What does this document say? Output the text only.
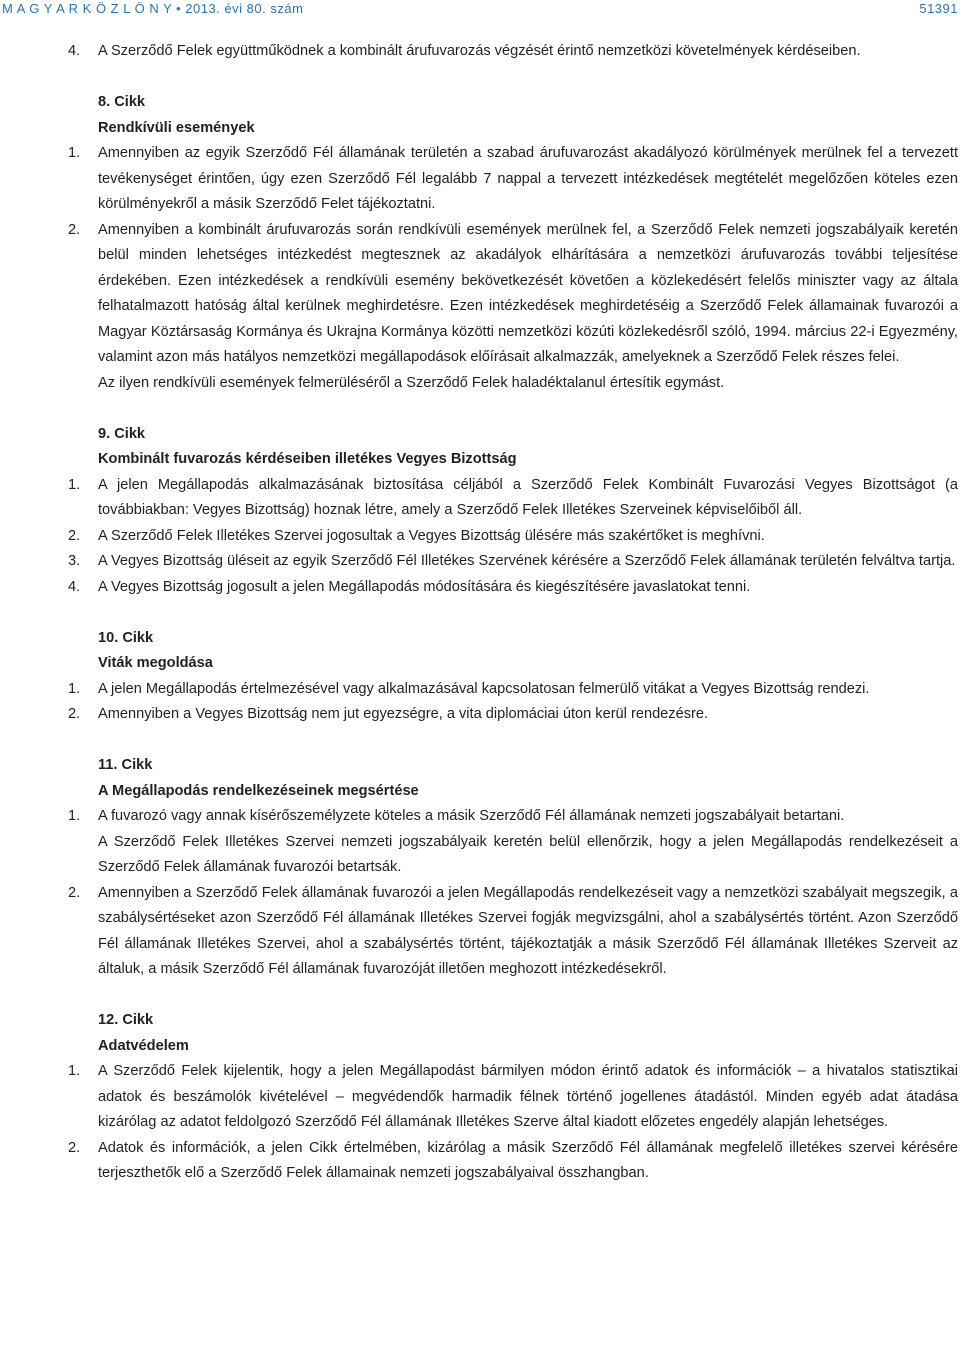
M A G Y A R K Ö Z L Ö N Y • 2013. évi 80. szám	51391
4.	A Szerződő Felek együttműködnek a kombinált árufuvarozás végzését érintő nemzetközi követelmények kérdéseiben.
8. Cikk
Rendkívüli események
1.	Amennyiben az egyik Szerződő Fél államának területén a szabad árufuvarozást akadályozó körülmények merülnek fel a tervezett tevékenységet érintően, úgy ezen Szerződő Fél legalább 7 nappal a tervezett intézkedések megtételét megelőzően köteles ezen körülményekről a másik Szerződő Felet tájékoztatni.
2.	Amennyiben a kombinált árufuvarozás során rendkívüli események merülnek fel, a Szerződő Felek nemzeti jogszabályaik keretén belül minden lehetséges intézkedést megtesznek az akadályok elhárítására a nemzetközi árufuvarozás további teljesítése érdekében. Ezen intézkedések a rendkívüli esemény bekövetkezését követően a közlekedésért felelős miniszter vagy az általa felhatalmazott hatóság által kerülnek meghirdetésre. Ezen intézkedések meghirdetéséig a Szerződő Felek államainak fuvarozói a Magyar Köztársaság Kormánya és Ukrajna Kormánya közötti nemzetközi közúti közlekedésről szóló, 1994. március 22-i Egyezmény, valamint azon más hatályos nemzetközi megállapodások előírásait alkalmazzák, amelyeknek a Szerződő Felek részes felei.
Az ilyen rendkívüli események felmerüléséről a Szerződő Felek haladéktalanul értesítik egymást.
9. Cikk
Kombinált fuvarozás kérdéseiben illetékes Vegyes Bizottság
1.	A jelen Megállapodás alkalmazásának biztosítása céljából a Szerződő Felek Kombinált Fuvarozási Vegyes Bizottságot (a továbbiakban: Vegyes Bizottság) hoznak létre, amely a Szerződő Felek Illetékes Szerveinek képviselőiből áll.
2.	A Szerződő Felek Illetékes Szervei jogosultak a Vegyes Bizottság ülésére más szakértőket is meghívni.
3.	A Vegyes Bizottság üléseit az egyik Szerződő Fél Illetékes Szervének kérésére a Szerződő Felek államának területén felváltva tartja.
4.	A Vegyes Bizottság jogosult a jelen Megállapodás módosítására és kiegészítésére javaslatokat tenni.
10. Cikk
Viták megoldása
1.	A jelen Megállapodás értelmezésével vagy alkalmazásával kapcsolatosan felmerülő vitákat a Vegyes Bizottság rendezi.
2.	Amennyiben a Vegyes Bizottság nem jut egyezségre, a vita diplomáciai úton kerül rendezésre.
11. Cikk
A Megállapodás rendelkezéseinek megsértése
1.	A fuvarozó vagy annak kísérőszemélyzete köteles a másik Szerződő Fél államának nemzeti jogszabályait betartani.
A Szerződő Felek Illetékes Szervei nemzeti jogszabályaik keretén belül ellenőrzik, hogy a jelen Megállapodás rendelkezéseit a Szerződő Felek államának fuvarozói betartsák.
2.	Amennyiben a Szerződő Felek államának fuvarozói a jelen Megállapodás rendelkezéseit vagy a nemzetközi szabályait megszegik, a szabálysértéseket azon Szerződő Fél államának Illetékes Szervei fogják megvizsgálni, ahol a szabálysértés történt. Azon Szerződő Fél államának Illetékes Szervei, ahol a szabálysértés történt, tájékoztatják a másik Szerződő Fél államának Illetékes Szerveit az általuk, a másik Szerződő Fél államának fuvarozóját illetően meghozott intézkedésekről.
12. Cikk
Adatvédelem
1.	A Szerződő Felek kijelentik, hogy a jelen Megállapodást bármilyen módon érintő adatok és információk – a hivatalos statisztikai adatok és beszámolók kivételével – megvédendők harmadik félnek történő jogellenes átadástól. Minden egyéb adat átadása kizárólag az adatot feldolgozó Szerződő Fél államának Illetékes Szerve által kiadott előzetes engedély alapján lehetséges.
2.	Adatok és információk, a jelen Cikk értelmében, kizárólag a másik Szerződő Fél államának megfelelő illetékes szervei kérésére terjeszthetők elő a Szerződő Felek államainak nemzeti jogszabályaival összhangban.
